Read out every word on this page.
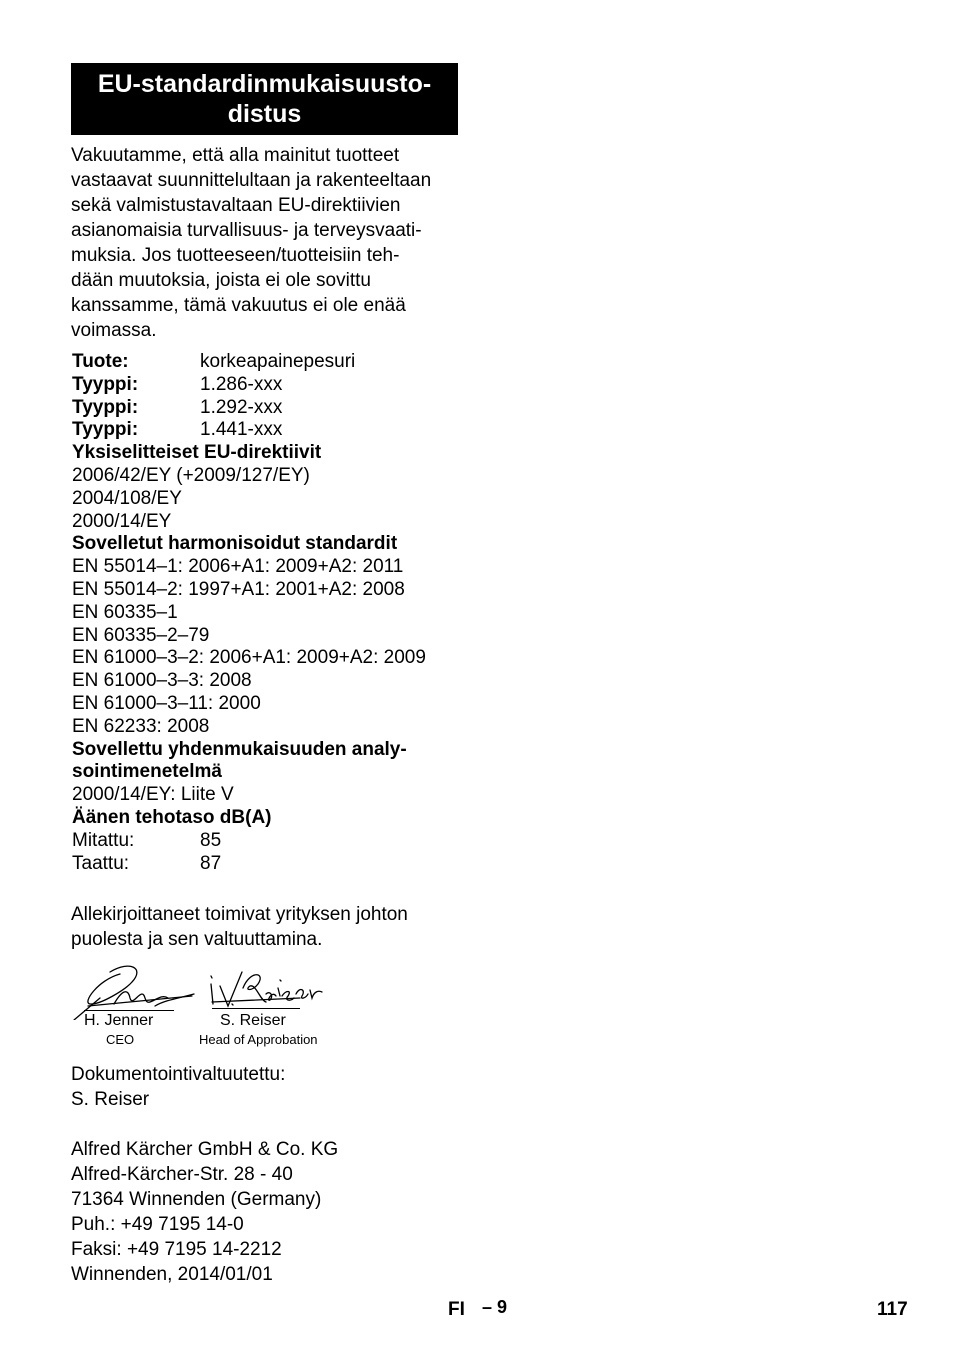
EU-standardinmukaisuusto-
distus
Vakuutamme, että alla mainitut tuotteet
vastaavat suunnittelultaan ja rakenteeltaan
sekä valmistustavaltaan EU-direktiivien
asianomaisia turvallisuus- ja terveysvaati-
muksia. Jos tuotteeseen/tuotteisiin teh-
dään muutoksia, joista ei ole sovittu
kanssamme, tämä vakuutus ei ole enää
voimassa.
Tuote:	korkeapainepesuri
Tyyppi:	1.286-xxx
Tyyppi:	1.292-xxx
Tyyppi:	1.441-xxx
Yksiselitteiset EU-direktiivit
2006/42/EY (+2009/127/EY)
2004/108/EY
2000/14/EY
Sovelletut harmonisoidut standardit
EN 55014–1: 2006+A1: 2009+A2: 2011
EN 55014–2: 1997+A1: 2001+A2: 2008
EN 60335–1
EN 60335–2–79
EN 61000–3–2: 2006+A1: 2009+A2: 2009
EN 61000–3–3: 2008
EN 61000–3–11: 2000
EN 62233: 2008
Sovellettu yhdenmukaisuuden analy-
sointimenetelmä
2000/14/EY: Liite V
Äänen tehotaso dB(A)
Mitattu:	85
Taattu:	87
Allekirjoittaneet toimivat yrityksen johton
puolesta ja sen valtuuttamina.
H. Jenner
CEO
S. Reiser
Head of Approbation
Dokumentointivaltuutettu:
S. Reiser
Alfred Kärcher GmbH & Co. KG
Alfred-Kärcher-Str. 28 - 40
71364 Winnenden (Germany)
Puh.: +49 7195 14-0
Faksi: +49 7195 14-2212
Winnenden, 2014/01/01
FI – 9	117
